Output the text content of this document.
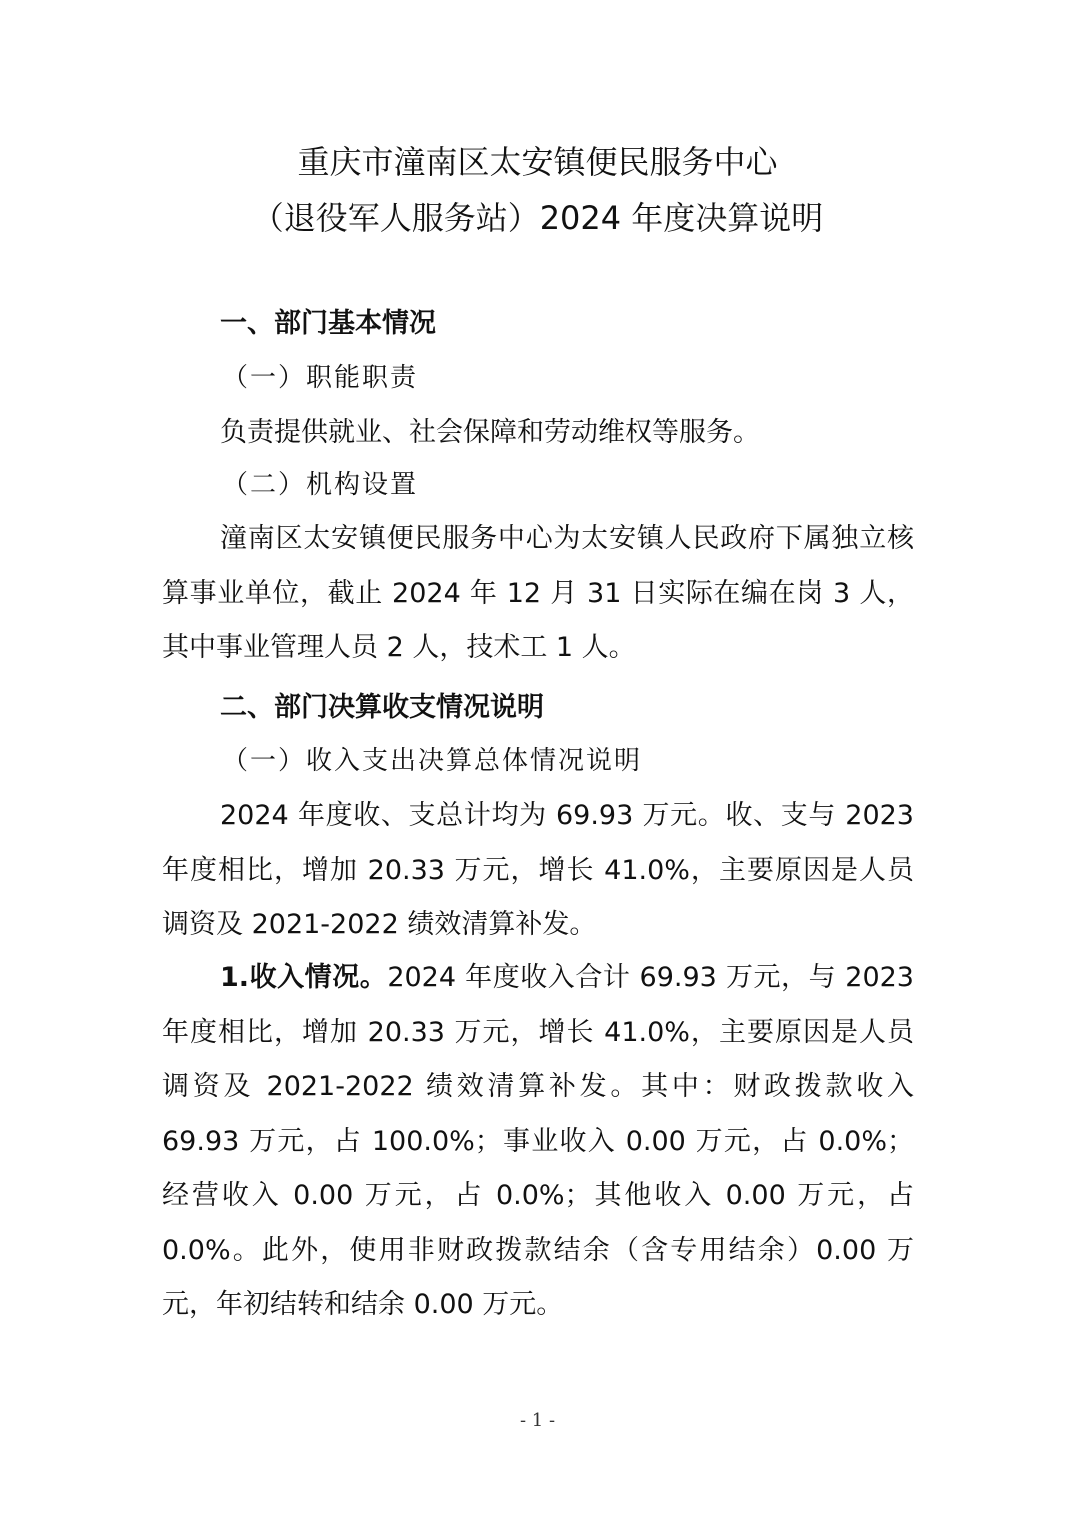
重庆市潼南区太安镇便民服务中心
（退役军人服务站）2024 年度决算说明
一、部门基本情况
（一）职能职责
负责提供就业、社会保障和劳动维权等服务。
（二）机构设置
潼南区太安镇便民服务中心为太安镇人民政府下属独立核算事业单位，截止 2024 年 12 月 31 日实际在编在岗 3 人，其中事业管理人员 2 人，技术工 1 人。
二、部门决算收支情况说明
（一）收入支出决算总体情况说明
2024 年度收、支总计均为 69.93 万元。收、支与 2023 年度相比，增加 20.33 万元，增长 41.0%，主要原因是人员调资及 2021-2022 绩效清算补发。
1.收入情况。2024 年度收入合计 69.93 万元，与 2023 年度相比，增加 20.33 万元，增长 41.0%，主要原因是人员调资及 2021-2022 绩效清算补发。其中：财政拨款收入 69.93 万元，占 100.0%；事业收入 0.00 万元，占 0.0%；经营收入 0.00 万元，占 0.0%；其他收入 0.00 万元，占 0.0%。此外，使用非财政拨款结余（含专用结余）0.00 万元，年初结转和结余 0.00 万元。
- 1 -
